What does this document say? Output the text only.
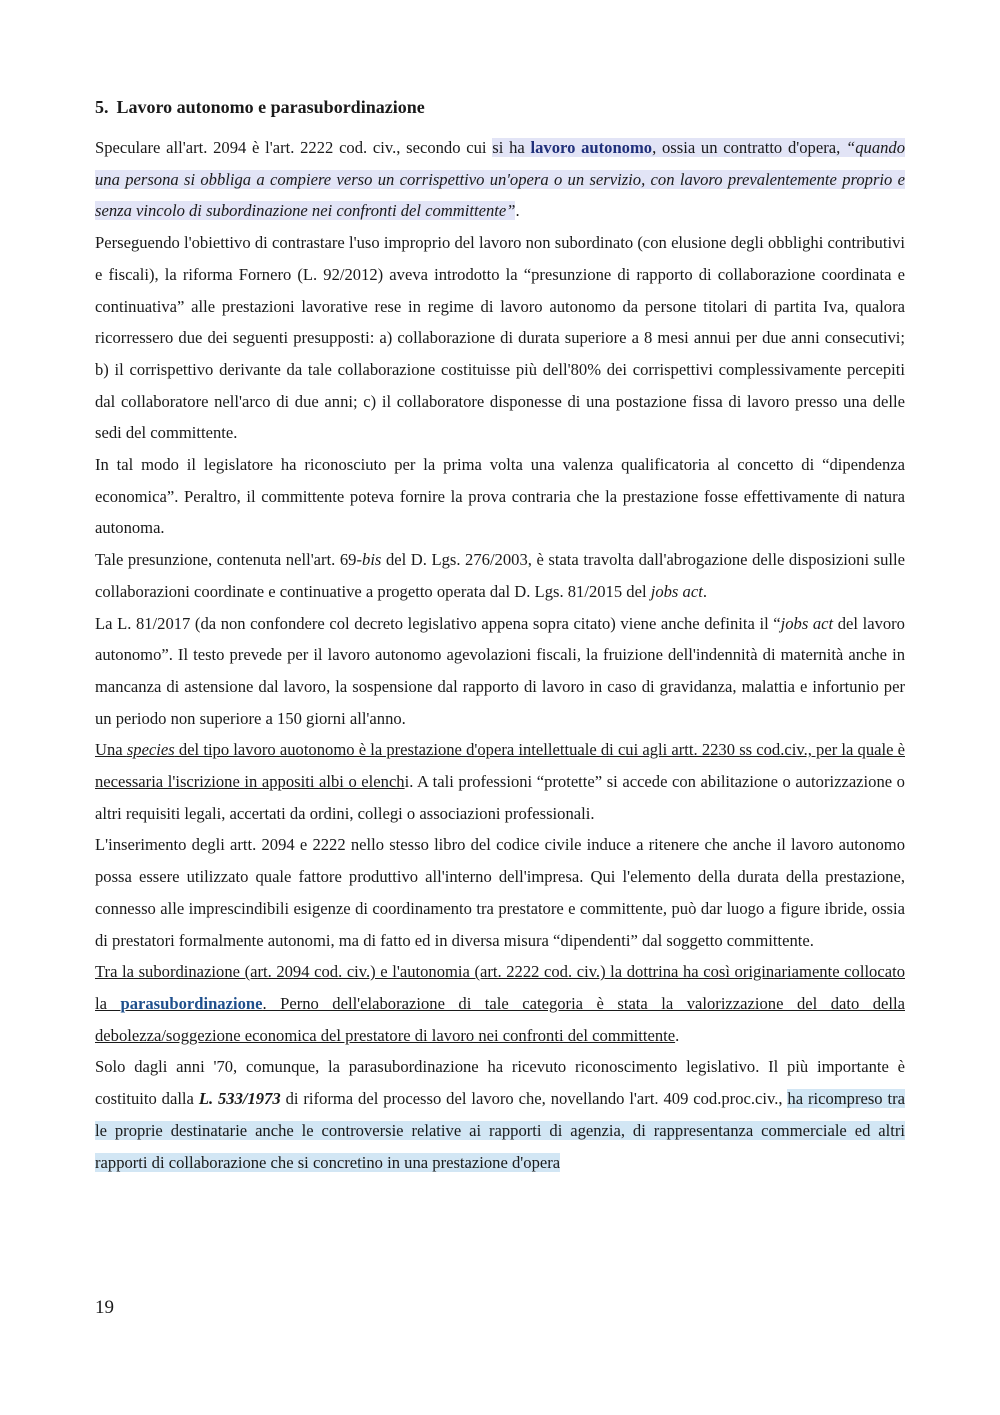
5. Lavoro autonomo e parasubordinazione

Speculare all'art. 2094 è l'art. 2222 cod. civ., secondo cui si ha lavoro autonomo, ossia un contratto d'opera, “quando una persona si obbliga a compiere verso un corrispettivo un'opera o un servizio, con lavoro prevalentemente proprio e senza vincolo di subordinazione nei confronti del committente”.

Perseguendo l'obiettivo di contrastare l'uso improprio del lavoro non subordinato (con elusione degli obblighi contributivi e fiscali), la riforma Fornero (L. 92/2012) aveva introdotto la “presunzione di rapporto di collaborazione coordinata e continuativa” alle prestazioni lavorative rese in regime di lavoro autonomo da persone titolari di partita Iva, qualora ricorressero due dei seguenti presupposti: a) collaborazione di durata superiore a 8 mesi annui per due anni consecutivi; b) il corrispettivo derivante da tale collaborazione costituisse più dell'80% dei corrispettivi complessivamente percepiti dal collaboratore nell'arco di due anni; c) il collaboratore disponesse di una postazione fissa di lavoro presso una delle sedi del committente.

In tal modo il legislatore ha riconosciuto per la prima volta una valenza qualificatoria al concetto di “dipendenza economica”. Peraltro, il committente poteva fornire la prova contraria che la prestazione fosse effettivamente di natura autonoma.

Tale presunzione, contenuta nell'art. 69-bis del D. Lgs. 276/2003, è stata travolta dall'abrogazione delle disposizioni sulle collaborazioni coordinate e continuative a progetto operata dal D. Lgs. 81/2015 del jobs act.

La L. 81/2017 (da non confondere col decreto legislativo appena sopra citato) viene anche definita il “jobs act del lavoro autonomo”. Il testo prevede per il lavoro autonomo agevolazioni fiscali, la fruizione dell'indennità di maternità anche in mancanza di astensione dal lavoro, la sospensione dal rapporto di lavoro in caso di gravidanza, malattia e infortunio per un periodo non superiore a 150 giorni all'anno.

Una species del tipo lavoro auotonomo è la prestazione d'opera intellettuale di cui agli artt. 2230 ss cod.civ., per la quale è necessaria l'iscrizione in appositi albi o elenchi. A tali professioni “protette” si accede con abilitazione o autorizzazione o altri requisiti legali, accertati da ordini, collegi o associazioni professionali.

L'inserimento degli artt. 2094 e 2222 nello stesso libro del codice civile induce a ritenere che anche il lavoro autonomo possa essere utilizzato quale fattore produttivo all'interno dell'impresa. Qui l'elemento della durata della prestazione, connesso alle imprescindibili esigenze di coordinamento tra prestatore e committente, può dar luogo a figure ibride, ossia di prestatori formalmente autonomi, ma di fatto ed in diversa misura “dipendenti” dal soggetto committente.

Tra la subordinazione (art. 2094 cod. civ.) e l'autonomia (art. 2222 cod. civ.) la dottrina ha così originariamente collocato la parasubordinazione. Perno dell'elaborazione di tale categoria è stata la valorizzazione del dato della debolezza/soggezione economica del prestatore di lavoro nei confronti del committente.

Solo dagli anni '70, comunque, la parasubordinazione ha ricevuto riconoscimento legislativo. Il più importante è costituito dalla L. 533/1973 di riforma del processo del lavoro che, novellando l'art. 409 cod.proc.civ., ha ricompreso tra le proprie destinatarie anche le controversie relative ai rapporti di agenzia, di rappresentanza commerciale ed altri rapporti di collaborazione che si concretino in una prestazione d'opera

19
